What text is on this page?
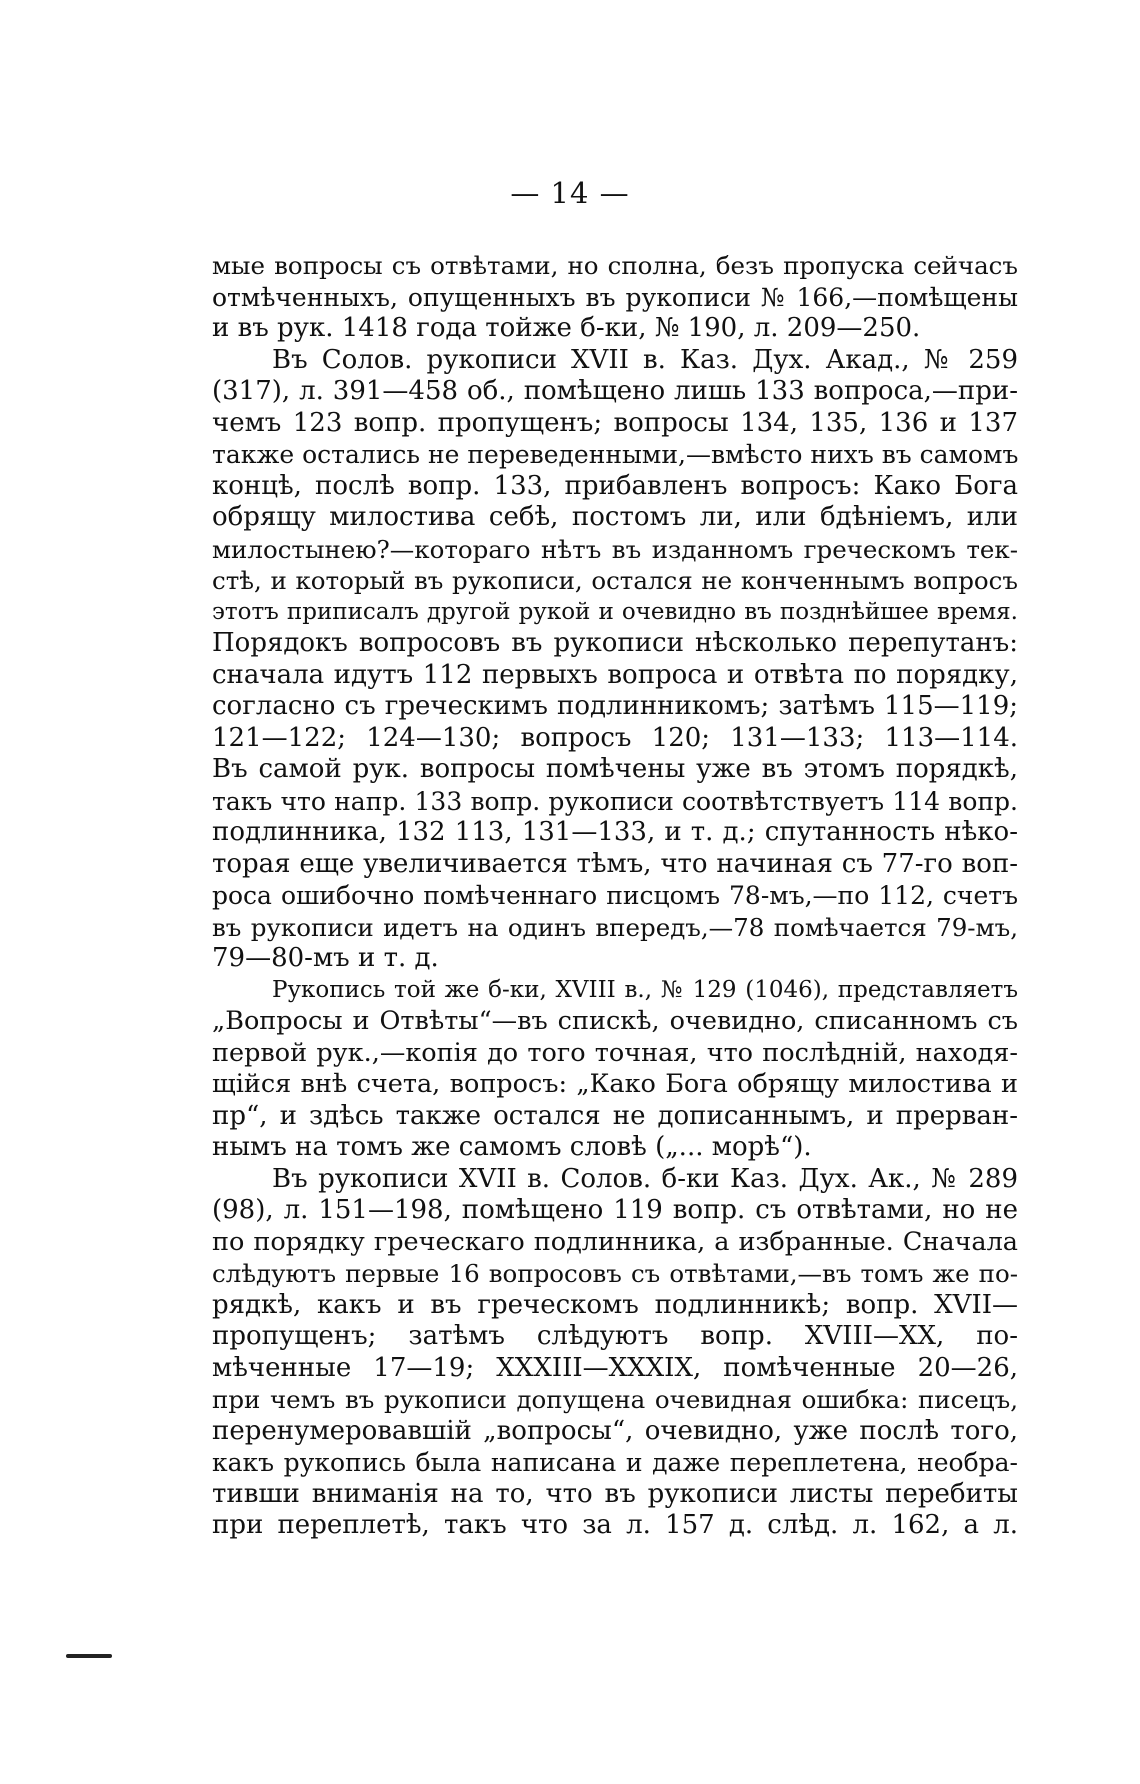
— 14 —
мые вопросы съ отвѣтами, но сполна, безъ пропуска сейчасъ
отмѣченныхъ, опущенныхъ въ рукописи № 166,—помѣщены
и въ рук. 1418 года тойже б-ки, № 190, л. 209—250.
Въ Солов. рукописи XVII в. Каз. Дух. Акад., № 259
(317), л. 391—458 об., помѣщено лишь 133 вопроса,—при-
чемъ 123 вопр. пропущенъ; вопросы 134, 135, 136 и 137
также остались не переведенными,—вмѣсто нихъ въ самомъ
концѣ, послѣ вопр. 133, прибавленъ вопросъ: Како Бога
обрящу милостива себѣ, постомъ ли, или бдѣніемъ, или
милостынею?—котораго нѣтъ въ изданномъ греческомъ тек-
стѣ, и который въ рукописи, остался не конченнымъ вопросъ
этотъ приписалъ другой рукой и очевидно въ позднѣйшее время.
Порядокъ вопросовъ въ рукописи нѣсколько перепутанъ:
сначала идутъ 112 первыхъ вопроса и отвѣта по порядку,
согласно съ греческимъ подлинникомъ; затѣмъ 115—119;
121—122; 124—130; вопросъ 120; 131—133; 113—114.
Въ самой рук. вопросы помѣчены уже въ этомъ порядкѣ,
такъ что напр. 133 вопр. рукописи соотвѣтствуетъ 114 вопр.
подлинника, 132 113, 131—133, и т. д.; спутанность нѣко-
торая еще увеличивается тѣмъ, что начиная съ 77-го воп-
роса ошибочно помѣченнаго писцомъ 78-мъ,—по 112, счетъ
въ рукописи идетъ на одинъ впередъ,—78 помѣчается 79-мъ,
79—80-мъ и т. д.
Рукопись той же б-ки, XVIII в., № 129 (1046), представляетъ
„Вопросы и Отвѣты“—въ спискѣ, очевидно, списанномъ съ
первой рук.,—копія до того точная, что послѣдній, находя-
щійся внѣ счета, вопросъ: „Како Бога обрящу милостива и
пр“, и здѣсь также остался не дописаннымъ, и прерван-
нымъ на томъ же самомъ словѣ („... морѣ“).
Въ рукописи XVII в. Солов. б-ки Каз. Дух. Ак., № 289
(98), л. 151—198, помѣщено 119 вопр. съ отвѣтами, но не
по порядку греческаго подлинника, а избранные. Сначала
слѣдуютъ первые 16 вопросовъ съ отвѣтами,—въ томъ же по-
рядкѣ, какъ и въ греческомъ подлинникѣ; вопр. XVII—
пропущенъ; затѣмъ слѣдуютъ вопр. XVIII—XX, по-
мѣченные 17—19; XXXIII—XXXIX, помѣченные 20—26,
при чемъ въ рукописи допущена очевидная ошибка: писецъ,
перенумеровавшій „вопросы“, очевидно, уже послѣ того,
какъ рукопись была написана и даже переплетена, необра-
тивши вниманія на то, что въ рукописи листы перебиты
при переплетѣ, такъ что за л. 157 д. слѣд. л. 162, а л.
